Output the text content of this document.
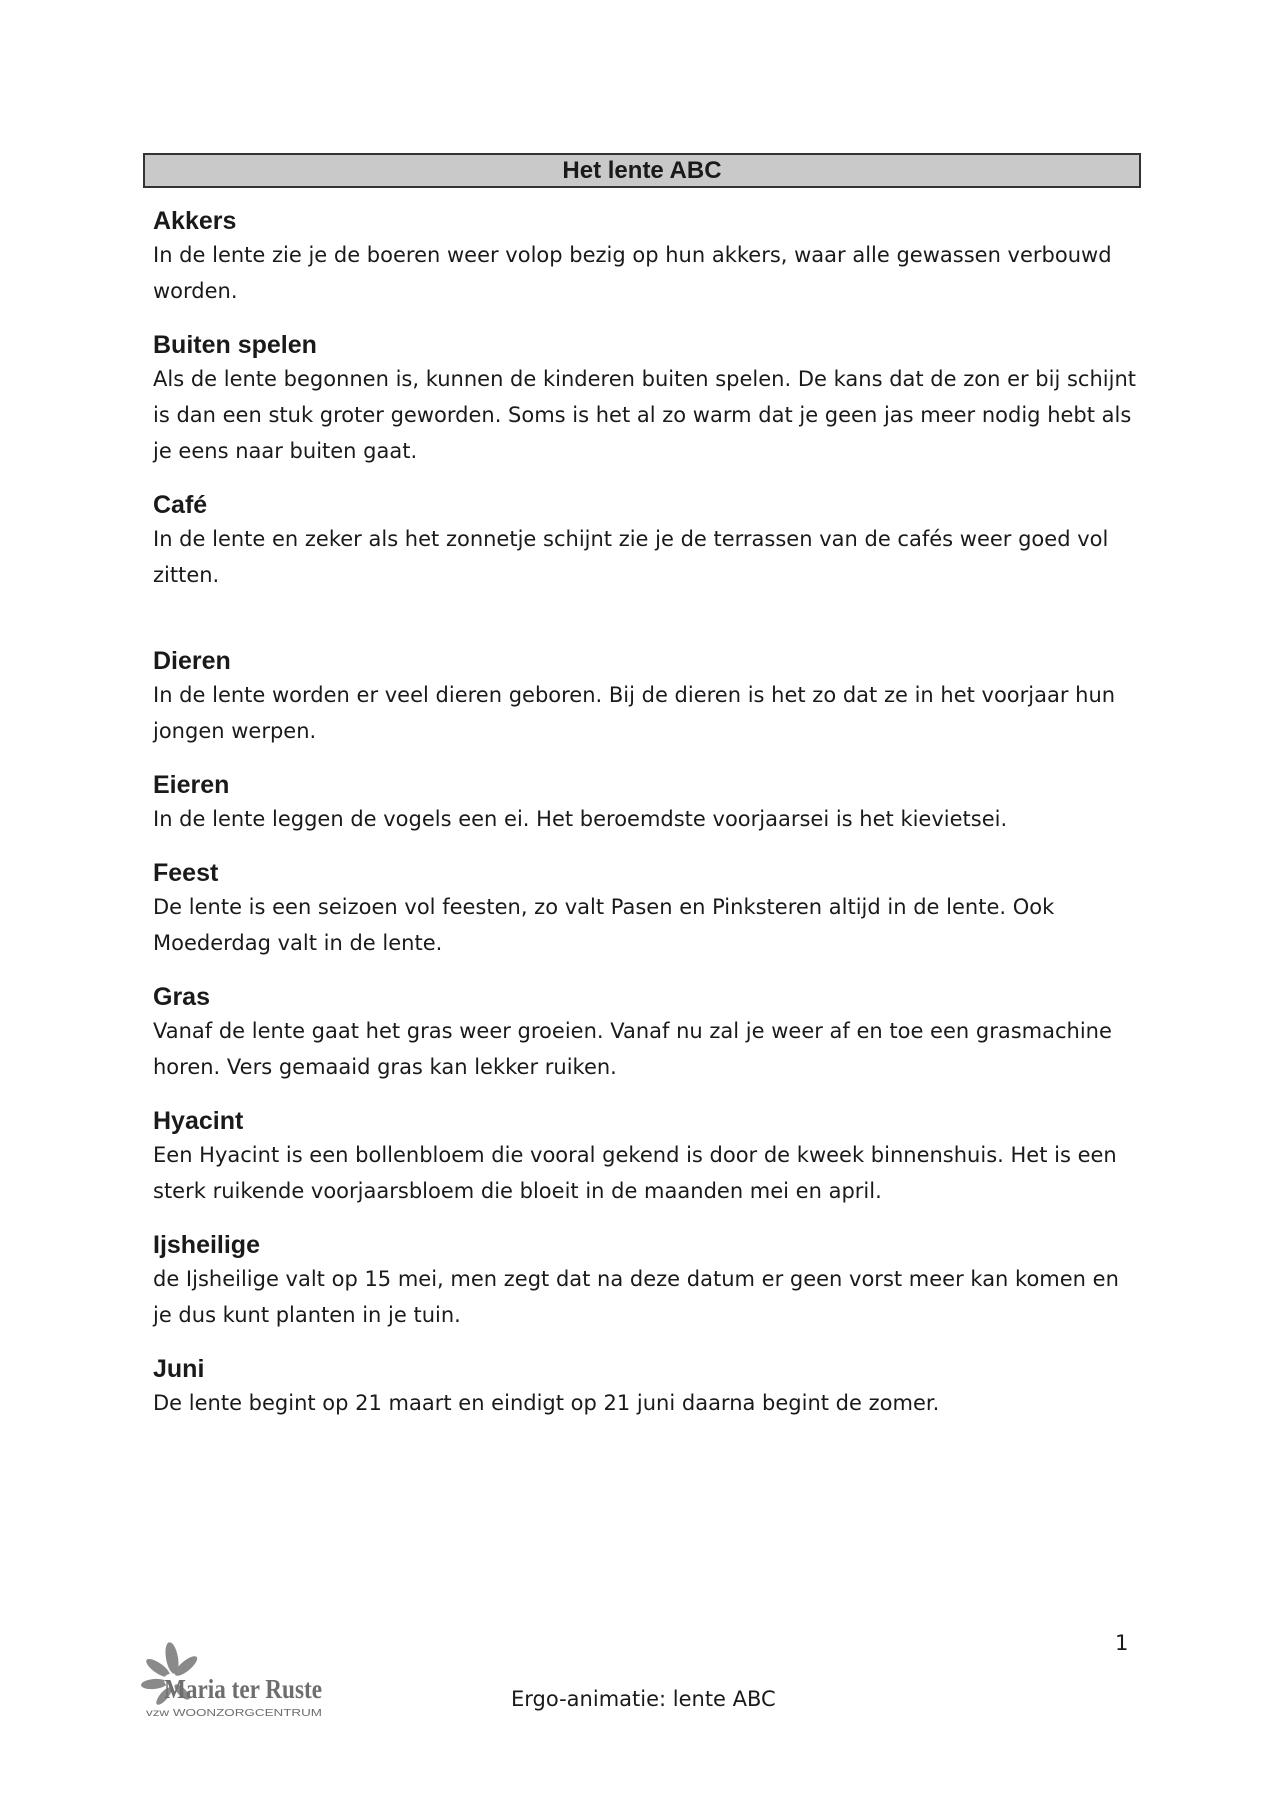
Het lente ABC

Akkers

In de lente zie je de boeren weer volop bezig op hun akkers, waar alle gewassen verbouwd worden.

Buiten spelen

Als de lente begonnen is, kunnen de kinderen buiten spelen. De kans dat de zon er bij schijnt is dan een stuk groter geworden. Soms is het al zo warm dat je geen jas meer nodig hebt als je eens naar buiten gaat.

Café

In de lente en zeker als het zonnetje schijnt zie je de terrassen van de cafés weer goed vol zitten.

Dieren

In de lente worden er veel dieren geboren. Bij de dieren is het zo dat ze in het voorjaar hun jongen werpen.

Eieren

In de lente leggen de vogels een ei. Het beroemdste voorjaarsei is het kievietsei.

Feest

De lente is een seizoen vol feesten, zo valt Pasen en Pinksteren altijd in de lente. Ook Moederdag valt in de lente.

Gras

Vanaf de lente gaat het gras weer groeien. Vanaf nu zal je weer af en toe een grasmachine horen. Vers gemaaid gras kan lekker ruiken.

Hyacint

Een Hyacint is een bollenbloem die vooral gekend is door de kweek binnenshuis. Het is een sterk ruikende voorjaarsbloem die bloeit in de maanden mei en april.

Ijsheilige

de Ijsheilige valt op 15 mei, men zegt dat na deze datum er geen vorst meer kan komen en je dus kunt planten in je tuin.

Juni

De lente begint op 21 maart en eindigt op 21 juni daarna begint de zomer.

1
Maria ter Ruste
vzw WOONZORGCENTRUM
Ergo-animatie: lente ABC
